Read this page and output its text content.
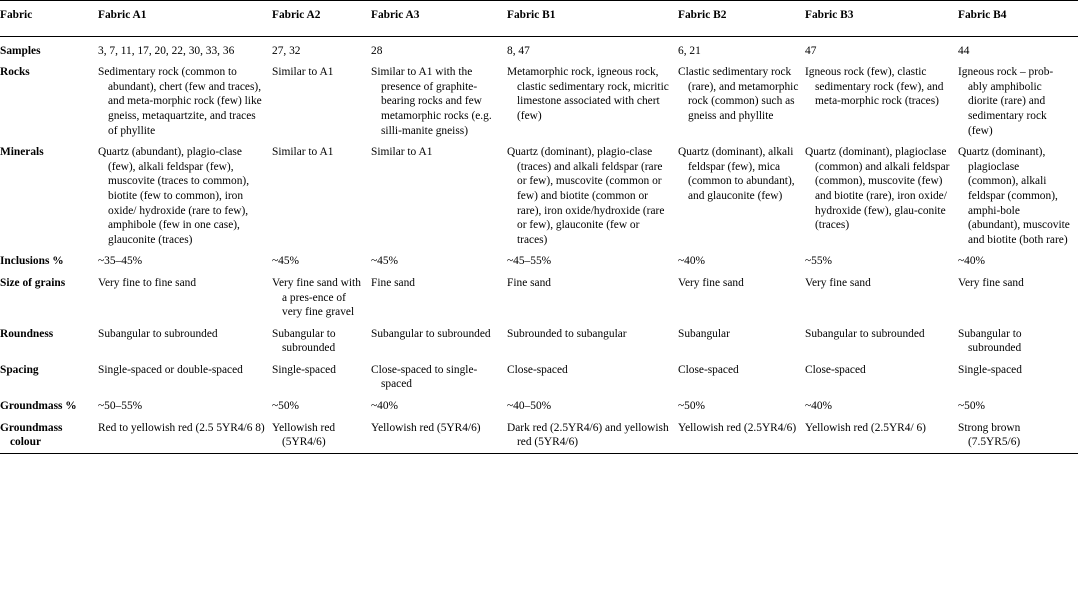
Fabric	Fabric A1	Fabric A2	Fabric A3	Fabric B1	Fabric B2	Fabric B3	Fabric B4

Samples	3, 7, 11, 17, 20, 22, 30, 33, 36	27, 32	28	8, 47	6, 21	47	44

Rocks	Sedimentary rock (common to abundant), chert (few and traces), and meta-morphic rock (few) like gneiss, metaquartzite, and traces of phyllite	Similar to A1	Similar to A1 with the presence of graphite-bearing rocks and few metamorphic rocks (e.g. silli-manite gneiss)	Metamorphic rock, igneous rock, clastic sedimentary rock, micritic limestone associated with chert (few)	Clastic sedimentary rock (rare), and metamorphic rock (common) such as gneiss and phyllite	Igneous rock (few), clastic sedimentary rock (few), and meta-morphic rock (traces)	Igneous rock – prob-ably amphibolic diorite (rare) and sedimentary rock (few)

Minerals	Quartz (abundant), plagio-clase (few), alkali feldspar (few), muscovite (traces to common), biotite (few to common), iron oxide/ hydroxide (rare to few), amphibole (few in one case), glauconite (traces)	Similar to A1	Similar to A1	Quartz (dominant), plagio-clase (traces) and alkali feldspar (rare or few), muscovite (common or few) and biotite (common or rare), iron oxide/hydroxide (rare or few), glauconite (few or traces)	Quartz (dominant), alkali feldspar (few), mica (common to abundant), and glauconite (few)	Quartz (dominant), plagioclase (common) and alkali feldspar (common), muscovite (few) and biotite (rare), iron oxide/ hydroxide (few), glau-conite (traces)	Quartz (dominant), plagioclase (common), alkali feldspar (common), amphi-bole (abundant), muscovite and biotite (both rare)

Inclusions %	~35–45%	~45%	~45%	~45–55%	~40%	~55%	~40%

Size of grains	Very fine to fine sand	Very fine sand with a pres-ence of very fine gravel	Fine sand	Fine sand	Very fine sand	Very fine sand	Very fine sand

Roundness	Subangular to subrounded	Subangular to subrounded	Subangular to subrounded	Subrounded to subangular	Subangular	Subangular to subrounded	Subangular to subrounded

Spacing	Single-spaced or double-spaced	Single-spaced	Close-spaced to single-spaced	Close-spaced	Close-spaced	Close-spaced	Single-spaced

Groundmass %	~50–55%	~50%	~40%	~40–50%	~50%	~40%	~50%

Groundmass colour	Red to yellowish red (2.5 5YR4/6 8)	Yellowish red (5YR4/6)	Yellowish red (5YR4/6)	Dark red (2.5YR4/6) and yellowish red (5YR4/6)	Yellowish red (2.5YR4/6)	Yellowish red (2.5YR4/ 6)	Strong brown (7.5YR5/6)
